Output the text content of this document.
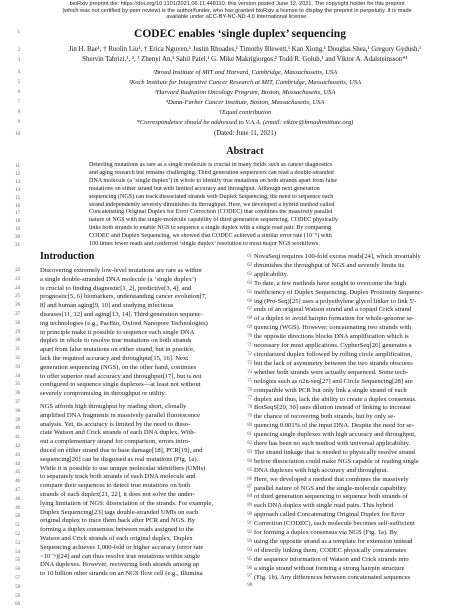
bioRxiv preprint doi: https://doi.org/10.1101/2021.06.11.448110; this version posted June 12, 2021. The copyright holder for this preprint
(which was not certified by peer review) is the author/funder, who has granted bioRxiv a license to display the preprint in perpetuity. It is made
available under aCC-BY-NC-ND 4.0 International license.
CODEC enables ‘single duplex’ sequencing
Jin H. Bae¹, † Ruolin Liu¹, † Erica Nguyen,¹ Justin Rhoades,¹ Timothy Blewett,¹ Kan Xiong,¹ Douglas Shea,¹ Gregory Gydush,¹
Shervin Tabrizi,¹, ², ³ Zhenyi An,¹ Sahil Patel,¹ G. Mike Makrigiorgos,² Todd R. Golub,¹ and Viktor A. Adalsteinsson*¹
¹Broad Institute of MIT and Harvard, Cambridge, Massachusetts, USA
²Koch Institute for Integrative Cancer Research at MIT, Cambridge, Massachusetts, USA
³Harvard Radiation Oncology Program, Boston, Massachusetts, USA
⁴Dana-Farber Cancer Institute, Boston, Massachusetts, USA
†Equal contribution
*Correspondence should be addressed to V.A.A. (email: viktor@broadinstitute.org)
(Dated: June 11, 2021)
Abstract
Detecting mutations as rare as a single molecule is crucial in many fields such as cancer diagnostics
and aging research but remains challenging. Third generation sequencers can read a double-stranded
DNA molecule (a ‘single duplex’) in whole to identify true mutations on both strands apart from false
mutations on either strand but with limited accuracy and throughput. Although next generation
sequencing (NGS) can track dissociated strands with Duplex Sequencing, the need to sequence each
strand independently severely diminishes its throughput. Here, we developed a hybrid method called
Concatenating Original Duplex for Error Correction (CODEC) that combines the massively parallel
nature of NGS with the single-molecule capability of third generation sequencing. CODEC physically
links both strands to enable NGS to sequence a single duplex with a single read pair. By comparing
CODEC and Duplex Sequencing, we showed that CODEC achieved a similar error rate (10⁻⁶) with
100 times fewer reads and conferred ‘single duplex’ resolution to most major NGS workflows.
Introduction
Discovering extremely low-level mutations are rare as within
a single double-stranded DNA molecule (a ‘single duplex’)
is crucial to finding diagnostic[1, 2], predictive[3, 4], and
prognostic[5, 6] biomarkers, understanding cancer evolution[7,
8] and human aging[9, 10] and studying infectious
diseases[11, 12] and aging[13, 14]. Third generation sequenc-
ing technologies (e.g., PacBio, Oxford Nanopore Technologies)
in principle make it possible to sequence each single DNA
duplex in whole to resolve true mutations on both strands
apart from false mutations on either strand, but in practice,
lack the required accuracy and throughput[15, 16]. Next
generation sequencing (NGS), on the other hand, continues
to offer superior read accuracy and throughput[17], but is not
configured to sequence single duplexes—at least not without
severely compromising its throughput or utility.
NGS affords high throughput by reading short, clonally
amplified DNA fragments in massively parallel fluorescence
analysis. Yet, its accuracy is limited by the need to disso-
ciate Watson and Crick strands of each DNA duplex. With-
out a complementary strand for comparison, errors intro-
duced on either strand due to base damage[18], PCR[19], and
sequencing[20] can be disguised as real mutations (Fig. 1a).
While it is possible to use unique molecular identifiers (UMIs)
to separately track both strands of each DNA molecule and
compare their sequences to detect true mutations on both
strands of each duplex[21, 22], it does not solve the under-
lying limitation of NGS: dissociation of the strands. For example,
Duplex Sequencing[23] tags double-stranded UMIs on each
original duplex to trace them back after PCR and NGS. By
forming a duplex consensus between reads assigned to the
Watson and Crick strands of each original duplex, Duplex
Sequencing achieves 1,000-fold or higher accuracy (error rate
<10⁻⁶)[24] and can thus resolve true mutations within single
DNA duplexes. However, recovering both strands among up
to 10 billion other strands on an NGS flow cell (e.g., Illumina
NovaSeq) requires 100-fold excess reads[24], which invariably
diminishes the throughput of NGS and severely limits its
applicability.
To date, a few methods have sought to overcome the high
inefficiency of Duplex Sequencing. Duplex Proximity Sequenc-
ing (Pro-Seq)[25] uses a polyethylene glycol linker to link 5′-
ends of an original Watson strand and a copied Crick strand
of a duplex to avoid hairpin formation for whole-genome se-
quencing (WGS). However, concatenating two strands with
the opposite directions blocks DNA amplification which is
necessary for most applications. CypherSeq[26] generates a
circularized duplex followed by rolling circle amplification,
but the lack of asymmetry between the two strands obscures
whether both strands were actually sequenced. Some tech-
nologies such as o2n-seq[27] and Circle Sequencing[28] are
compatible with PCR but only link a single strand of each
duplex and thus, lack the ability to create a duplex consensus.
BotSeqS[29, 30] uses dilution instead of linking to increase
the chance of recovering both strands, but by only se-
quencing 0.001% of the input DNA. Despite the need for se-
quencing single duplexes with high accuracy and throughput,
there has been no such method with universal applicability.
The strand linkage that is needed to physically resolve strand
before dissociation could make NGS capable of reading single
DNA duplexes with high accuracy and throughput.
Here, we developed a method that combines the massively
parallel nature of NGS and the single-molecule capability
of third generation sequencing to sequence both strands of
each DNA duplex with single read pairs. This hybrid
approach called Concatenating Original Duplex for Error
Correction (CODEC), each molecule becomes self-sufficient
for forming a duplex consensus via NGS (Fig. 1a). By
using the opposite strand as a template for extension instead
of directly linking them, CODEC physically concatenates
the sequence information of Watson and Crick strands into
a single strand without forming a strong hairpin structure
(Fig. 1b). Any differences between concatenated sequences
1
2
3
4
5
6
7
8
9
10
11
12
13
14
15
16
17
18
19
20
21
22
23
24
25
26
27
28
29
30
31
32
33
34
35
36
37
38
39
40
41
42
43
44
45
46
47
48
49
50
51
52
53
54
55
56
57
58
59
60
61
62
63
64
65
66
67
68
69
70
71
72
73
74
75
76
77
78
79
80
81
82
83
84
85
86
87
88
89
90
91
92
93
94
95
96
97
98
